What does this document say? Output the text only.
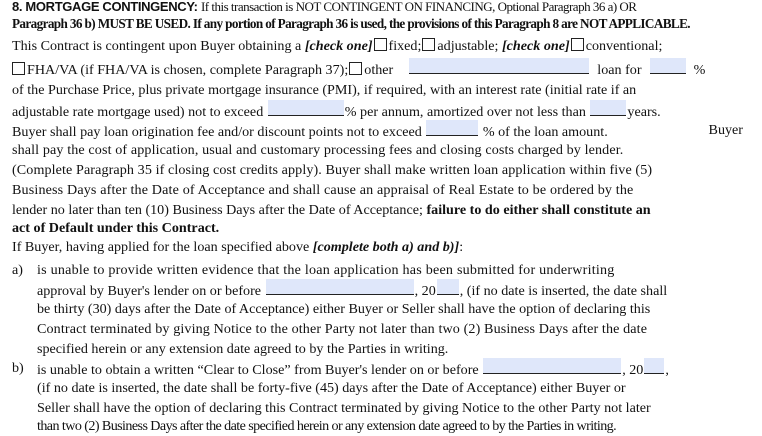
8. MORTGAGE CONTINGENCY: If this transaction is NOT CONTINGENT ON FINANCING, Optional Paragraph 36 a) OR
Paragraph 36 b) MUST BE USED. If any portion of Paragraph 36 is used, the provisions of this Paragraph 8 are NOT APPLICABLE.
This Contract is contingent upon Buyer obtaining a [check one] fixed; adjustable; [check one] conventional;
FHA/VA (if FHA/VA is chosen, complete Paragraph 37); other	loan for	%
of the Purchase Price, plus private mortgage insurance (PMI), if required, with an interest rate (initial rate if an
adjustable rate mortgage used) not to exceed	% per annum, amortized over not less than	years.
Buyer shall pay loan origination fee and/or discount points not to exceed	% of the loan amount.	Buyer
shall pay the cost of application, usual and customary processing fees and closing costs charged by lender.
(Complete Paragraph 35 if closing cost credits apply). Buyer shall make written loan application within five (5)
Business Days after the Date of Acceptance and shall cause an appraisal of Real Estate to be ordered by the
lender no later than ten (10) Business Days after the Date of Acceptance; failure to do either shall constitute an
act of Default under this Contract.
If Buyer, having applied for the loan specified above [complete both a) and b)]:
a) is unable to provide written evidence that the loan application has been submitted for underwriting
approval by Buyer's lender on or before	, 20 , (if no date is inserted, the date shall
be thirty (30) days after the Date of Acceptance) either Buyer or Seller shall have the option of declaring this
Contract terminated by giving Notice to the other Party not later than two (2) Business Days after the date
specified herein or any extension date agreed to by the Parties in writing.
b) is unable to obtain a written “Clear to Close” from Buyer's lender on or before	, 20 ,
(if no date is inserted, the date shall be forty-five (45) days after the Date of Acceptance) either Buyer or
Seller shall have the option of declaring this Contract terminated by giving Notice to the other Party not later
than two (2) Business Days after the date specified herein or any extension date agreed to by the Parties in writing.
